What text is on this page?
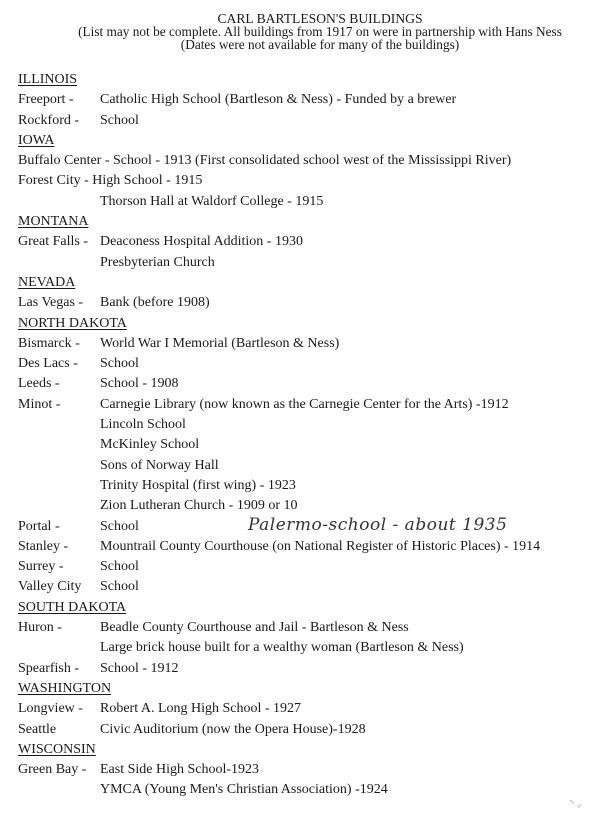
CARL BARTLESON'S BUILDINGS
(List may not be complete. All buildings from 1917 on were in partnership with Hans Ness
(Dates were not available for many of the buildings)
ILLINOIS
Freeport - Catholic High School (Bartleson & Ness) - Funded by a brewer
Rockford - School
IOWA
Buffalo Center - School - 1913 (First consolidated school west of the Mississippi River)
Forest City - High School - 1915
Thorson Hall at Waldorf College - 1915
MONTANA
Great Falls - Deaconess Hospital Addition - 1930
Presbyterian Church
NEVADA
Las Vegas - Bank (before 1908)
NORTH DAKOTA
Bismarck - World War I Memorial (Bartleson & Ness)
Des Lacs - School
Leeds -	School - 1908
Minot -	Carnegie Library (now known as the Carnegie Center for the Arts) -1912
Lincoln School
McKinley School
Sons of Norway Hall
Trinity Hospital (first wing) - 1923
Zion Lutheran Church - 1909 or 10
Portal -	School	Palermo-school - about 1935
Stanley - Mountrail County Courthouse (on National Register of Historic Places) - 1914
Surrey -	School
Valley City School
SOUTH DAKOTA
Huron -	Beadle County Courthouse and Jail - Bartleson & Ness
Large brick house built for a wealthy woman (Bartleson & Ness)
Spearfish - School - 1912
WASHINGTON
Longview - Robert A. Long High School - 1927
Seattle	Civic Auditorium (now the Opera House)-1928
WISCONSIN
Green Bay - East Side High School-1923
YMCA (Young Men's Christian Association) -1924
⸌ ⸝
